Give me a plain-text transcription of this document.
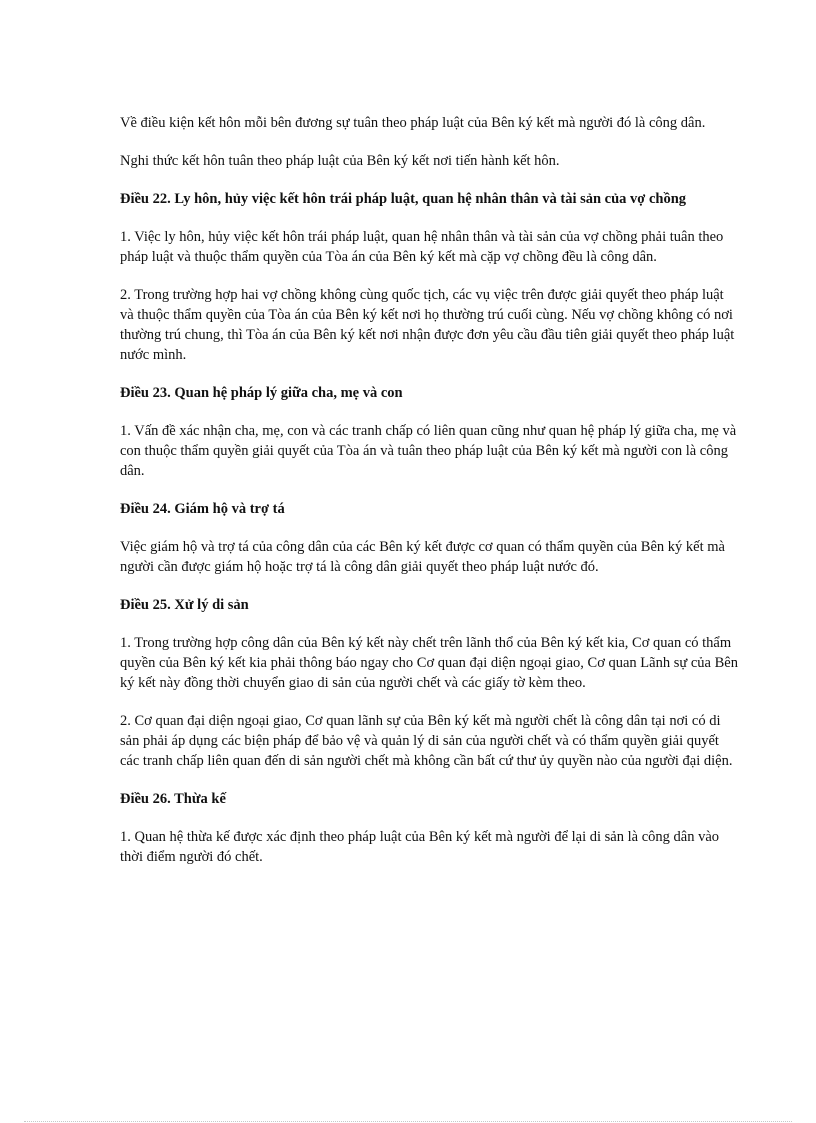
Về điều kiện kết hôn mỗi bên đương sự tuân theo pháp luật của Bên ký kết mà người đó là công dân.

Nghi thức kết hôn tuân theo pháp luật của Bên ký kết nơi tiến hành kết hôn.

Điều 22. Ly hôn, hủy việc kết hôn trái pháp luật, quan hệ nhân thân và tài sản của vợ chồng

1. Việc ly hôn, hủy việc kết hôn trái pháp luật, quan hệ nhân thân và tài sản của vợ chồng phải tuân theo pháp luật và thuộc thẩm quyền của Tòa án của Bên ký kết mà cặp vợ chồng đều là công dân.

2. Trong trường hợp hai vợ chồng không cùng quốc tịch, các vụ việc trên được giải quyết theo pháp luật và thuộc thẩm quyền của Tòa án của Bên ký kết nơi họ thường trú cuối cùng. Nếu vợ chồng không có nơi thường trú chung, thì Tòa án của Bên ký kết nơi nhận được đơn yêu cầu đầu tiên giải quyết theo pháp luật nước mình.

Điều 23. Quan hệ pháp lý giữa cha, mẹ và con

1. Vấn đề xác nhận cha, mẹ, con và các tranh chấp có liên quan cũng như quan hệ pháp lý giữa cha, mẹ và con thuộc thẩm quyền giải quyết của Tòa án và tuân theo pháp luật của Bên ký kết mà người con là công dân.

Điều 24. Giám hộ và trợ tá

Việc giám hộ và trợ tá của công dân của các Bên ký kết được cơ quan có thẩm quyền của Bên ký kết mà người cần được giám hộ hoặc trợ tá là công dân giải quyết theo pháp luật nước đó.

Điều 25. Xử lý di sản

1. Trong trường hợp công dân của Bên ký kết này chết trên lãnh thổ của Bên ký kết kia, Cơ quan có thẩm quyền của Bên ký kết kia phải thông báo ngay cho Cơ quan đại diện ngoại giao, Cơ quan Lãnh sự của Bên ký kết này đồng thời chuyển giao di sản của người chết và các giấy tờ kèm theo.

2. Cơ quan đại diện ngoại giao, Cơ quan lãnh sự của Bên ký kết mà người chết là công dân tại nơi có di sản phải áp dụng các biện pháp để bảo vệ và quản lý di sản của người chết và có thẩm quyền giải quyết các tranh chấp liên quan đến di sản người chết mà không cần bất cứ thư ủy quyền nào của người đại diện.

Điều 26. Thừa kế

1. Quan hệ thừa kế được xác định theo pháp luật của Bên ký kết mà người để lại di sản là công dân vào thời điểm người đó chết.
